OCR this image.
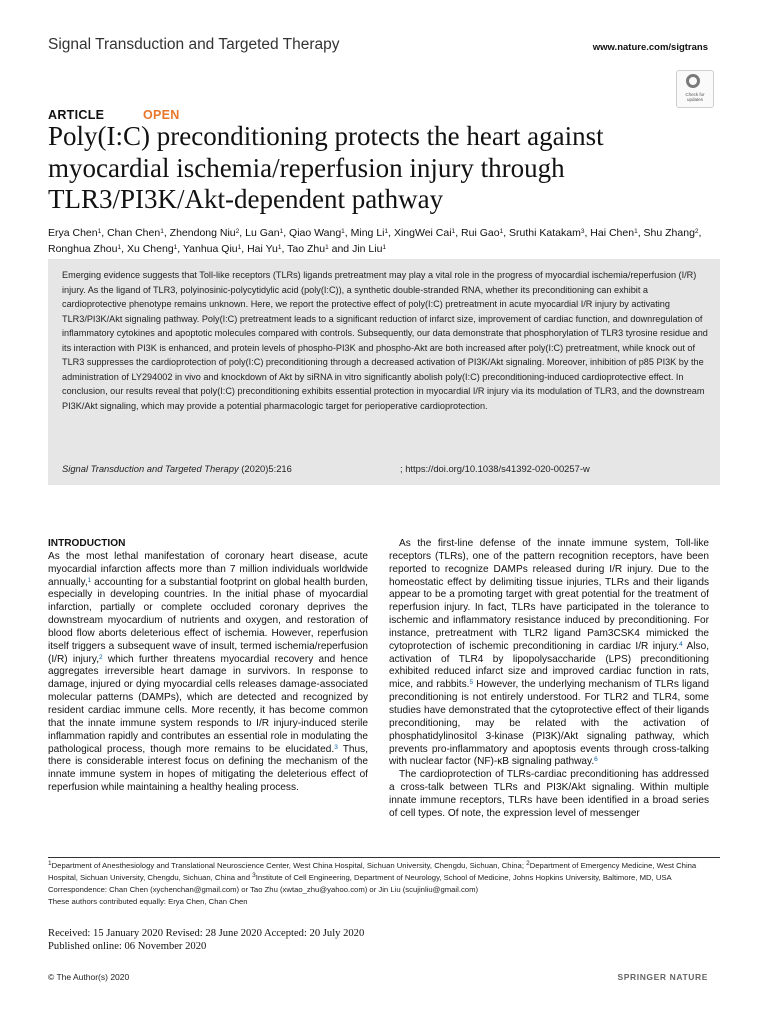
Signal Transduction and Targeted Therapy	www.nature.com/sigtrans
Check for updates
ARTICLE	OPEN
Poly(I:C) preconditioning protects the heart against myocardial ischemia/reperfusion injury through TLR3/PI3K/Akt-dependent pathway
Erya Chen$^1$, Chan Chen$^1$, Zhendong Niu$^2$, Lu Gan$^1$, Qiao Wang$^1$, Ming Li$^1$, XingWei Cai$^1$, Rui Gao$^1$, Sruthi Katakam$^3$, Hai Chen$^1$, Shu Zhang$^2$, Ronghua Zhou$^1$, Xu Cheng$^1$, Yanhua Qiu$^1$, Hai Yu$^1$, Tao Zhu$^1$ and Jin Liu$^1$

Emerging evidence suggests that Toll-like receptors (TLRs) ligands pretreatment may play a vital role in the progress of myocardial ischemia/reperfusion (I/R) injury. As the ligand of TLR3, polyinosinic-polycytidylic acid (poly(I:C)), a synthetic double-stranded RNA, whether its preconditioning can exhibit a cardioprotective phenotype remains unknown. Here, we report the protective effect of poly(I:C) pretreatment in acute myocardial I/R injury by activating TLR3/PI3K/Akt signaling pathway. Poly(I:C) pretreatment leads to a significant reduction of infarct size, improvement of cardiac function, and downregulation of inflammatory cytokines and apoptotic molecules compared with controls. Subsequently, our data demonstrate that phosphorylation of TLR3 tyrosine residue and its interaction with PI3K is enhanced, and protein levels of phospho-PI3K and phospho-Akt are both increased after poly(I:C) pretreatment, while knock out of TLR3 suppresses the cardioprotection of poly(I:C) preconditioning through a decreased activation of PI3K/Akt signaling. Moreover, inhibition of p85 PI3K by the administration of LY294002 in vivo and knockdown of Akt by siRNA in vitro significantly abolish poly(I:C) preconditioning-induced cardioprotective effect. In conclusion, our results reveal that poly(I:C) preconditioning exhibits essential protection in myocardial I/R injury via its modulation of TLR3, and the downstream PI3K/Akt signaling, which may provide a potential pharmacologic target for perioperative cardioprotection.

Signal Transduction and Targeted Therapy (2020)5:216	; https://doi.org/10.1038/s41392-020-00257-w
INTRODUCTION

As the most lethal manifestation of coronary heart disease, acute myocardial infarction affects more than 7 million individuals worldwide annually,$^1$ accounting for a substantial footprint on global health burden, especially in developing countries. In the initial phase of myocardial infarction, partially or complete occluded coronary deprives the downstream myocardium of nutrients and oxygen, and restoration of blood flow aborts deleterious effect of ischemia. However, reperfusion itself triggers a subsequent wave of insult, termed ischemia/reperfusion (I/R) injury,$^2$ which further threatens myocardial recovery and hence aggregates irreversible heart damage in survivors. In response to damage, injured or dying myocardial cells releases damage-associated molecular patterns (DAMPs), which are detected and recognized by resident cardiac immune cells. More recently, it has become common that the innate immune system responds to I/R injury-induced sterile inflammation rapidly and contributes an essential role in modulating the pathological process, though more remains to be elucidated.$^3$ Thus, there is considerable interest focus on defining the mechanism of the innate immune system in hopes of mitigating the deleterious effect of reperfusion while maintaining a healthy healing process.

As the first-line defense of the innate immune system, Toll-like receptors (TLRs), one of the pattern recognition receptors, have been reported to recognize DAMPs released during I/R injury. Due to the homeostatic effect by delimiting tissue injuries, TLRs and their ligands appear to be a promoting target with great potential for the treatment of reperfusion injury. In fact, TLRs have participated in the tolerance to ischemic and inflammatory resistance induced by preconditioning. For instance, pretreatment with TLR2 ligand Pam3CSK4 mimicked the cytoprotection of ischemic preconditioning in cardiac I/R injury.$^4$ Also, activation of TLR4 by lipopolysaccharide (LPS) preconditioning exhibited reduced infarct size and improved cardiac function in rats, mice, and rabbits.$^5$ However, the underlying mechanism of TLRs ligand preconditioning is not entirely understood. For TLR2 and TLR4, some studies have demonstrated that the cytoprotective effect of their ligands preconditioning, may be related with the activation of phosphatidylinositol 3-kinase (PI3K)/Akt signaling pathway, which prevents pro-inflammatory and apoptosis events through cross-talking with nuclear factor (NF)-κB signaling pathway.$^6$

The cardioprotection of TLRs-cardiac preconditioning has addressed a cross-talk between TLRs and PI3K/Akt signaling. Within multiple innate immune receptors, TLRs have been identified in a broad series of cell types. Of note, the expression level of messenger

$^1$Department of Anesthesiology and Translational Neuroscience Center, West China Hospital, Sichuan University, Chengdu, Sichuan, China; $^2$Department of Emergency Medicine, West China Hospital, Sichuan University, Chengdu, Sichuan, China and $^3$Institute of Cell Engineering, Department of Neurology, School of Medicine, Johns Hopkins University, Baltimore, MD, USA

Correspondence: Chan Chen (xychenchan@gmail.com) or Tao Zhu (xwtao_zhu@yahoo.com) or Jin Liu (scujinliu@gmail.com)

These authors contributed equally: Erya Chen, Chan Chen

Received: 15 January 2020 Revised: 28 June 2020 Accepted: 20 July 2020

Published online: 06 November 2020

© The Author(s) 2020	SPRINGER NATURE
